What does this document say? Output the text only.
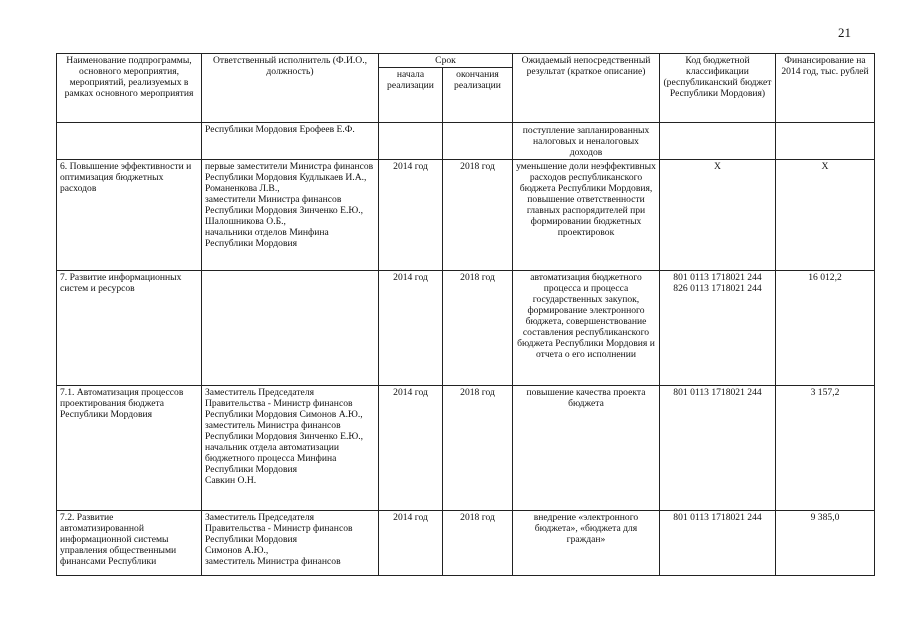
21
Наименование подпрограммы, основного мероприятия, мероприятий, реализуемых в рамках основного мероприятия	Ответственный исполнитель (Ф.И.О., должность)	Срок		Ожидаемый непосредственный результат (краткое описание)	Код бюджетной классификации (республиканский бюджет Республики Мордовия)	Финансирование на 2014 год, тыс. рублей
		начала реализации	окончания реализации			
	Республики Мордовия Ерофеев Е.Ф.			поступление запланированных налоговых и неналоговых доходов		
6. Повышение эффективности и оптимизация бюджетных расходов	первые заместители Министра финансов Республики Мордовия Кудлыкаев И.А., Романенкова Л.В.,
заместители Министра финансов Республики Мордовия Зинченко Е.Ю., Шалошникова О.Б.,
начальники отделов Минфина Республики Мордовия	2014 год	2018 год	уменьшение доли неэффективных расходов республиканского бюджета Республики Мордовия, повышение ответственности главных распорядителей при формировании бюджетных проектировок	Х	Х
7. Развитие информационных систем и ресурсов		2014 год	2018 год	автоматизация бюджетного процесса и процесса государственных закупок, формирование электронного бюджета, совершенствование составления республиканского бюджета Республики Мордовия и отчета о его исполнении	801 0113 1718021 244
826 0113 1718021 244	16 012,2
7.1. Автоматизация процессов проектирования бюджета Республики Мордовия	Заместитель Председателя Правительства - Министр финансов Республики Мордовия Симонов А.Ю.,
заместитель Министра финансов Республики Мордовия Зинченко Е.Ю.,
начальник отдела автоматизации бюджетного процесса Минфина Республики Мордовия
Савкин О.Н.	2014 год	2018 год	повышение качества проекта бюджета	801 0113 1718021 244	3 157,2
7.2. Развитие автоматизированной информационной системы управления общественными финансами Республики	Заместитель Председателя Правительства - Министр финансов Республики Мордовия
Симонов А.Ю.,
заместитель Министра финансов	2014 год	2018 год	внедрение «электронного бюджета», «бюджета для граждан»	801 0113 1718021 244	9 385,0
